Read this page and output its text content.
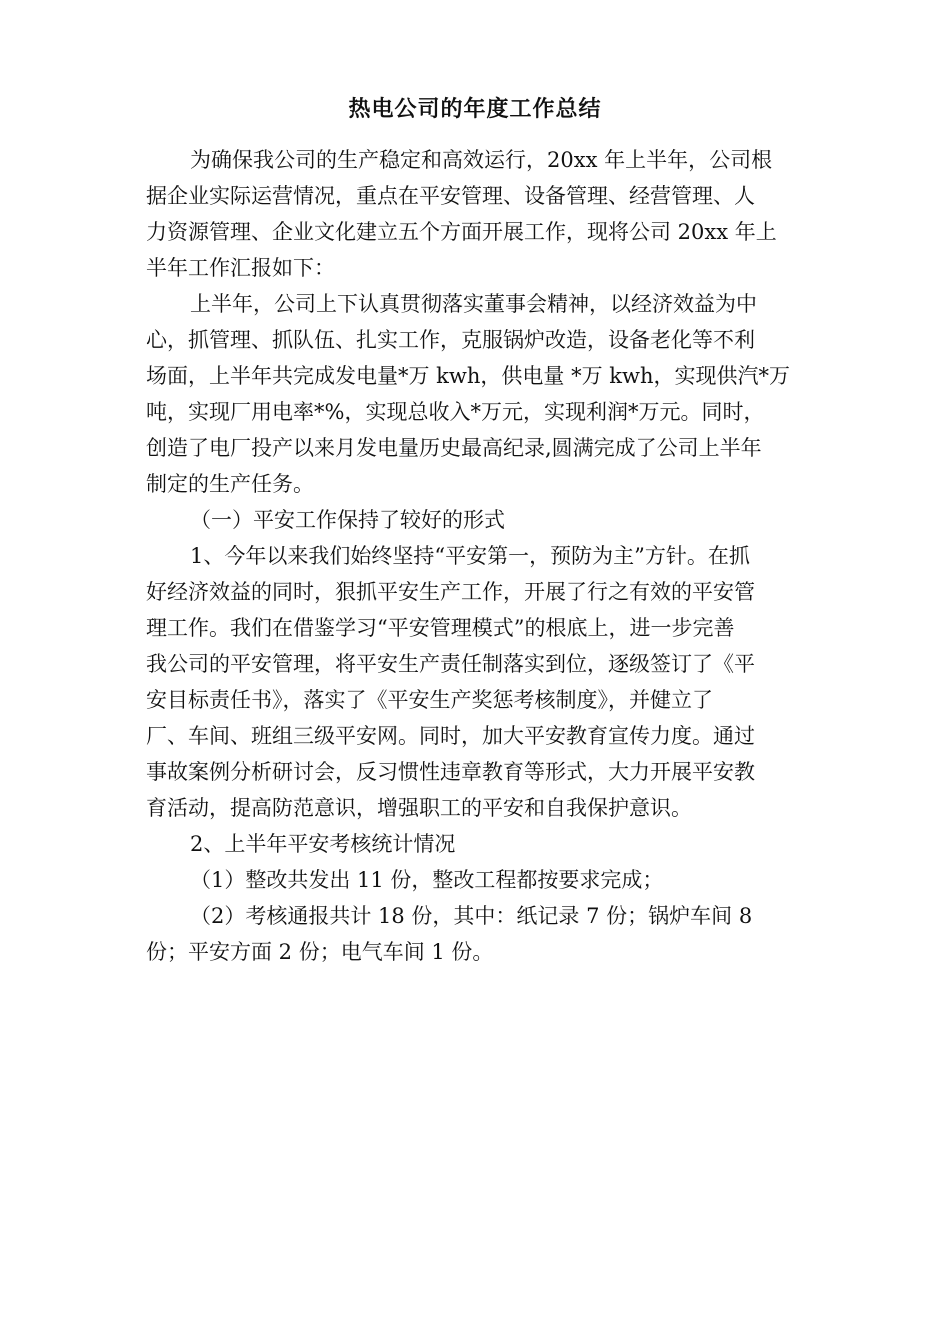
热电公司的年度工作总结
为确保我公司的生产稳定和高效运行，20xx 年上半年，公司根
据企业实际运营情况，重点在平安管理、设备管理、经营管理、人
力资源管理、企业文化建立五个方面开展工作，现将公司 20xx 年上
半年工作汇报如下：
上半年，公司上下认真贯彻落实董事会精神，以经济效益为中
心，抓管理、抓队伍、扎实工作，克服锅炉改造，设备老化等不利
场面，上半年共完成发电量*万 kwh，供电量 *万 kwh，实现供汽*万
吨，实现厂用电率*%，实现总收入*万元，实现利润*万元。同时，
创造了电厂投产以来月发电量历史最高纪录,圆满完成了公司上半年
制定的生产任务。
（一）平安工作保持了较好的形式
1、今年以来我们始终坚持“平安第一，预防为主”方针。在抓
好经济效益的同时，狠抓平安生产工作，开展了行之有效的平安管
理工作。我们在借鉴学习“平安管理模式”的根底上，进一步完善
我公司的平安管理，将平安生产责任制落实到位，逐级签订了《平
安目标责任书》，落实了《平安生产奖惩考核制度》，并健立了
厂、车间、班组三级平安网。同时，加大平安教育宣传力度。通过
事故案例分析研讨会，反习惯性违章教育等形式，大力开展平安教
育活动，提高防范意识，增强职工的平安和自我保护意识。
2、上半年平安考核统计情况
（1）整改共发出 11 份，整改工程都按要求完成；
（2）考核通报共计 18 份，其中：纸记录 7 份；锅炉车间 8
份；平安方面 2 份；电气车间 1 份。
